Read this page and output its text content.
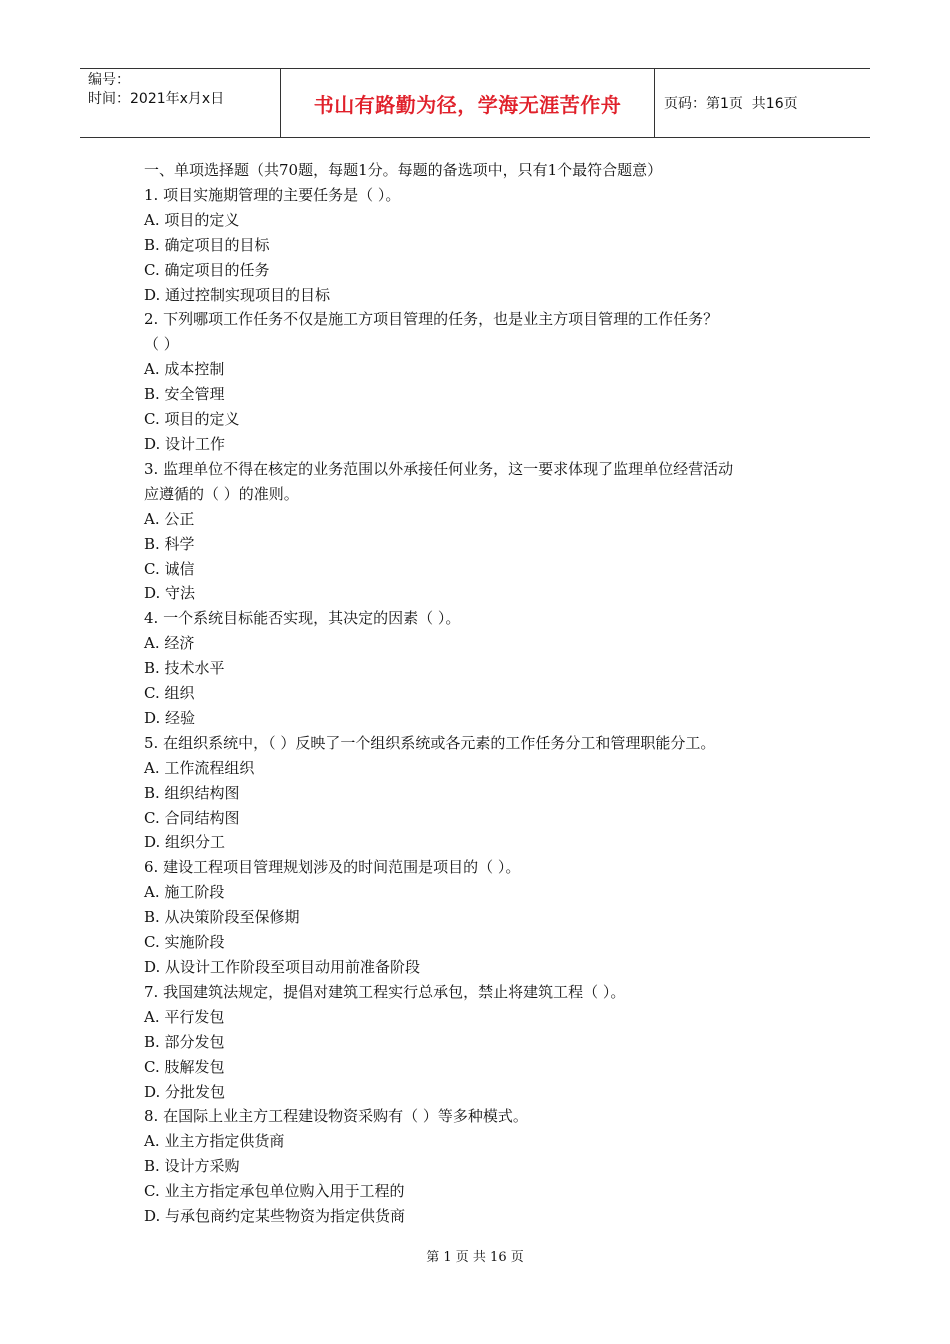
编号：
时间：2021年x月x日	书山有路勤为径，学海无涯苦作舟	页码：第1页  共16页
一、单项选择题（共70题，每题1分。每题的备选项中，只有1个最符合题意）
1. 项目实施期管理的主要任务是（ ）。
A. 项目的定义
B. 确定项目的目标
C. 确定项目的任务
D. 通过控制实现项目的目标
2. 下列哪项工作任务不仅是施工方项目管理的任务，也是业主方项目管理的工作任务？
（ ）
A. 成本控制
B. 安全管理
C. 项目的定义
D. 设计工作
3. 监理单位不得在核定的业务范围以外承接任何业务，这一要求体现了监理单位经营活动
应遵循的（ ）的准则。
A. 公正
B. 科学
C. 诚信
D. 守法
4. 一个系统目标能否实现，其决定的因素（ ）。
A. 经济
B. 技术水平
C. 组织
D. 经验
5. 在组织系统中，（ ）反映了一个组织系统或各元素的工作任务分工和管理职能分工。
A. 工作流程组织
B. 组织结构图
C. 合同结构图
D. 组织分工
6. 建设工程项目管理规划涉及的时间范围是项目的（ ）。
A. 施工阶段
B. 从决策阶段至保修期
C. 实施阶段
D. 从设计工作阶段至项目动用前准备阶段
7. 我国建筑法规定，提倡对建筑工程实行总承包，禁止将建筑工程（ ）。
A. 平行发包
B. 部分发包
C. 肢解发包
D. 分批发包
8. 在国际上业主方工程建设物资采购有（ ）等多种模式。
A. 业主方指定供货商
B. 设计方采购
C. 业主方指定承包单位购入用于工程的
D. 与承包商约定某些物资为指定供货商
第 1 页 共 16 页
